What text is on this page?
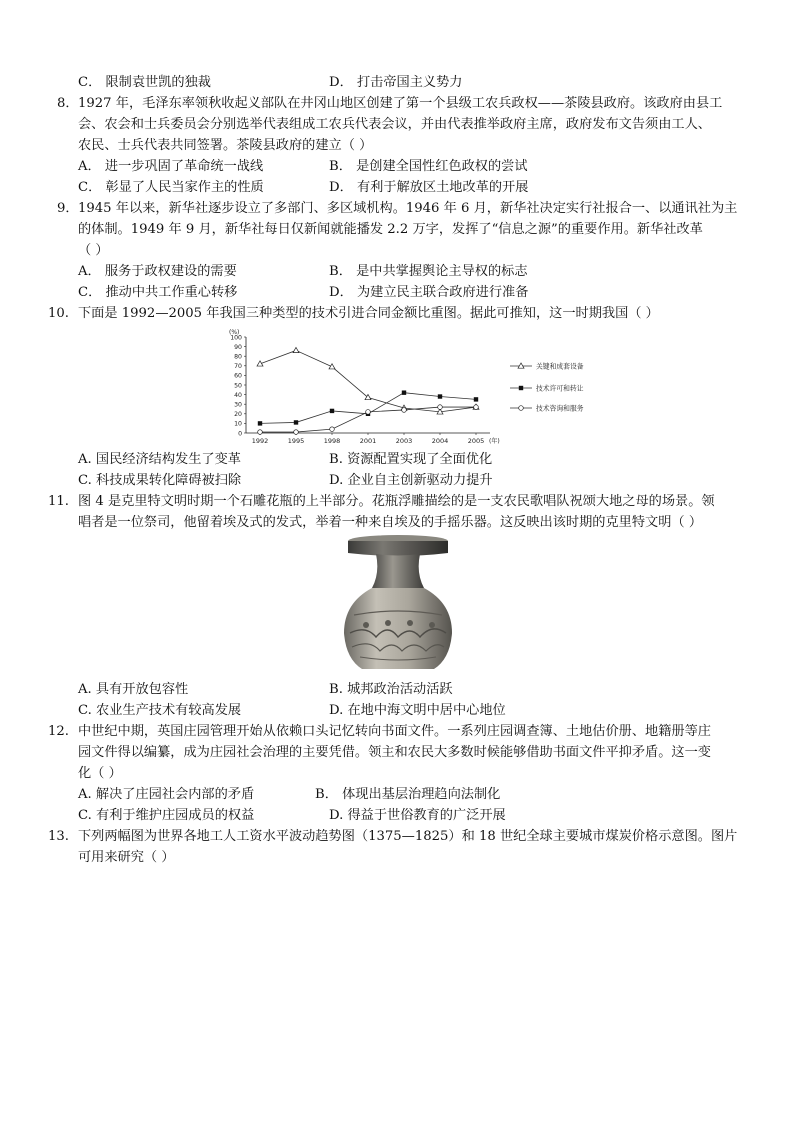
C． 限制袁世凯的独裁	D． 打击帝国主义势力
8． 1927 年，毛泽东率领秋收起义部队在井冈山地区创建了第一个县级工农兵政权——茶陵县政府。该政府由县工
会、农会和士兵委员会分别选举代表组成工农兵代表会议，并由代表推举政府主席，政府发布文告须由工人、
农民、士兵代表共同签署。茶陵县政府的建立（ ）
A． 进一步巩固了革命统一战线	B． 是创建全国性红色政权的尝试
C． 彰显了人民当家作主的性质	D． 有利于解放区土地改革的开展
9． 1945 年以来，新华社逐步设立了多部门、多区域机构。1946 年 6 月，新华社决定实行社报合一、以通讯社为主
的体制。1949 年 9 月，新华社每日仅新闻就能播发 2.2 万字，发挥了“信息之源”的重要作用。新华社改革
（ ）
A． 服务于政权建设的需要	B． 是中共掌握舆论主导权的标志
C． 推动中共工作重心转移	D． 为建立民主联合政府进行准备
10. 下面是 1992—2005 年我国三种类型的技术引进合同金额比重图。据此可推知，这一时期我国（ ）
(%)
0
10
20
30
40
50
60
70
80
90
100
1992	1995	1998	2001	2003	2004	2005 (年)
关键和成套设备
技术许可和转让
技术咨询和服务
A. 国民经济结构发生了变革	B. 资源配置实现了全面优化
C. 科技成果转化障碍被扫除	D. 企业自主创新驱动力提升
11. 图 4 是克里特文明时期一个石雕花瓶的上半部分。花瓶浮雕描绘的是一支农民歌唱队祝颂大地之母的场景。领
唱者是一位祭司，他留着埃及式的发式，举着一种来自埃及的手摇乐器。这反映出该时期的克里特文明（ ）
A. 具有开放包容性	B. 城邦政治活动活跃
C. 农业生产技术有较高发展	D. 在地中海文明中居中心地位
12. 中世纪中期，英国庄园管理开始从依赖口头记忆转向书面文件。一系列庄园调查簿、土地估价册、地籍册等庄
园文件得以编纂，成为庄园社会治理的主要凭借。领主和农民大多数时候能够借助书面文件平抑矛盾。这一变
化（ ）
A. 解决了庄园社会内部的矛盾	B． 体现出基层治理趋向法制化
C. 有利于维护庄园成员的权益	D. 得益于世俗教育的广泛开展
13. 下列两幅图为世界各地工人工资水平波动趋势图（1375—1825）和 18 世纪全球主要城市煤炭价格示意图。图片
可用来研究（ ）
